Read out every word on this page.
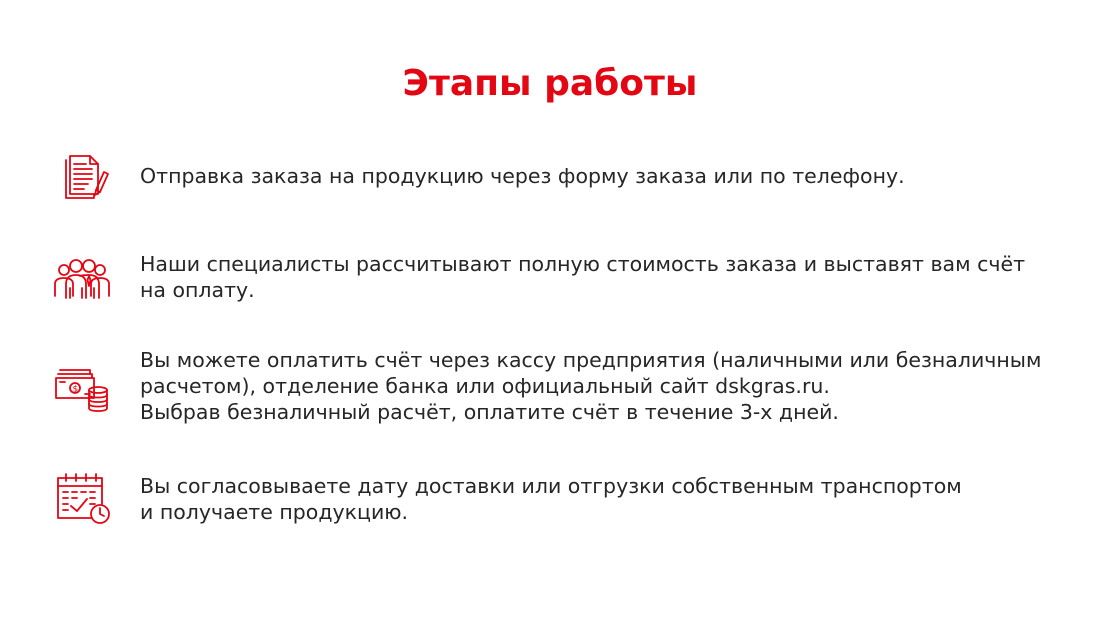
Этапы работы
Отправка заказа на продукцию через форму заказа или по телефону.
Наши специалисты рассчитывают полную стоимость заказа и выставят вам счёт
на оплату.
$
Вы можете оплатить счёт через кассу предприятия (наличными или безналичным
расчетом), отделение банка или официальный сайт dskgras.ru.
Выбрав безналичный расчёт, оплатите счёт в течение 3-х дней.
Вы согласовываете дату доставки или отгрузки собственным транспортом
и получаете продукцию.
